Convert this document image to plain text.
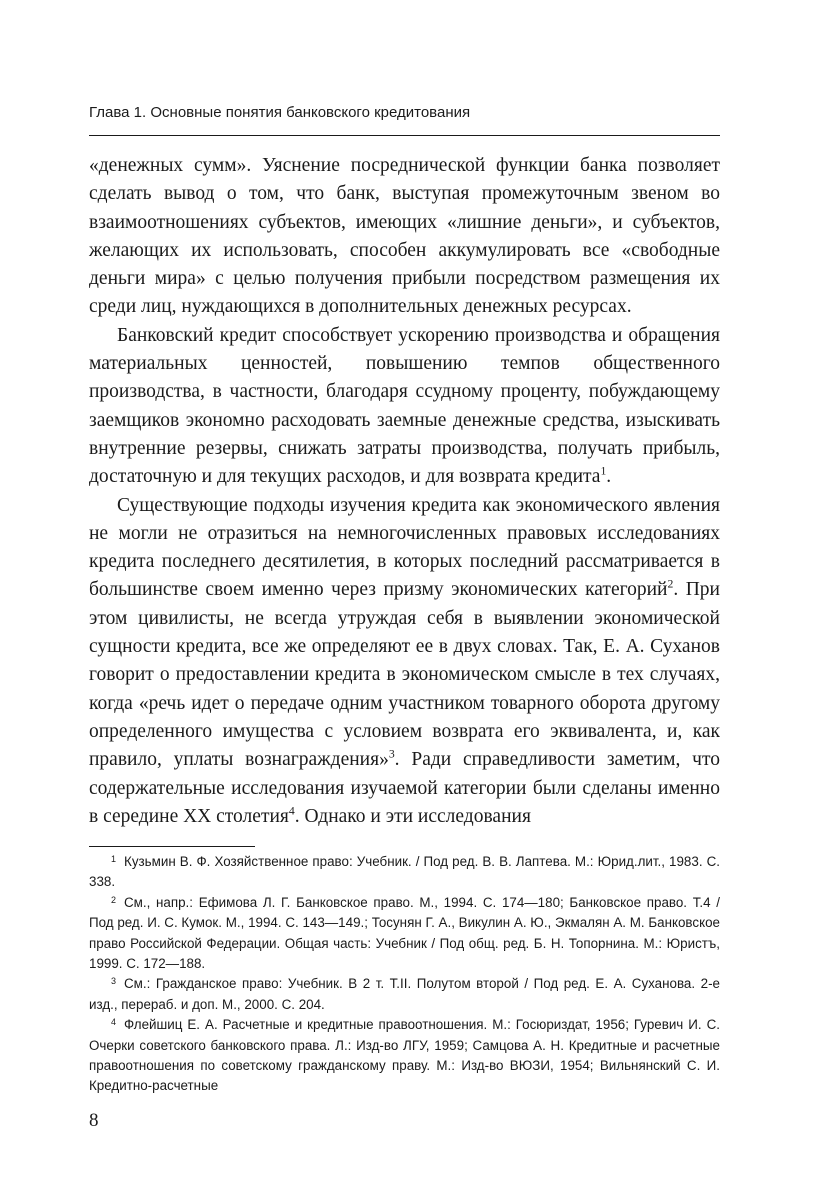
Глава 1. Основные понятия банковского кредитования

«денежных сумм». Уяснение посреднической функции банка позволяет сделать вывод о том, что банк, выступая промежуточным звеном во взаимоотношениях субъектов, имеющих «лишние деньги», и субъектов, желающих их использовать, способен аккумулировать все «свободные деньги мира» с целью получения прибыли посредством размещения их среди лиц, нуждающихся в дополнительных денежных ресурсах.

Банковский кредит способствует ускорению производства и обращения материальных ценностей, повышению темпов общественного производства, в частности, благодаря ссудному проценту, побуждающему заемщиков экономно расходовать заемные денежные средства, изыскивать внутренние резервы, снижать затраты производства, получать прибыль, достаточную и для текущих расходов, и для возврата кредита$^1$.

Существующие подходы изучения кредита как экономического явления не могли не отразиться на немногочисленных правовых исследованиях кредита последнего десятилетия, в которых последний рассматривается в большинстве своем именно через призму экономических категорий$^2$. При этом цивилисты, не всегда утруждая себя в выявлении экономической сущности кредита, все же определяют ее в двух словах. Так, Е. А. Суханов говорит о предоставлении кредита в экономическом смысле в тех случаях, когда «речь идет о передаче одним участником товарного оборота другому определенного имущества с условием возврата его эквивалента, и, как правило, уплаты вознаграждения»$^3$. Ради справедливости заметим, что содержательные исследования изучаемой категории были сделаны именно в середине XX столетия$^4$. Однако и эти исследования

$^1$ Кузьмин В. Ф. Хозяйственное право: Учебник. / Под ред. В. В. Лаптева. М.: Юрид.лит., 1983. С. 338.

$^2$ См., напр.: Ефимова Л. Г. Банковское право. М., 1994. С. 174—180; Банковское право. Т.4 / Под ред. И. С. Кумок. М., 1994. С. 143—149.; Тосунян Г. А., Викулин А. Ю., Экмалян А. М. Банковское право Российской Федерации. Общая часть: Учебник / Под общ. ред. Б. Н. Топорнина. М.: Юристъ, 1999. С. 172—188.

$^3$ См.: Гражданское право: Учебник. В 2 т. Т.II. Полутом второй / Под ред. Е. А. Суханова. 2-е изд., перераб. и доп. М., 2000. С. 204.

$^4$ Флейшиц Е. А. Расчетные и кредитные правоотношения. М.: Госюриздат, 1956; Гуревич И. С. Очерки советского банковского права. Л.: Изд-во ЛГУ, 1959; Самцова А. Н. Кредитные и расчетные правоотношения по советскому гражданскому праву. М.: Изд-во ВЮЗИ, 1954; Вильнянский С. И. Кредитно-расчетные

8
